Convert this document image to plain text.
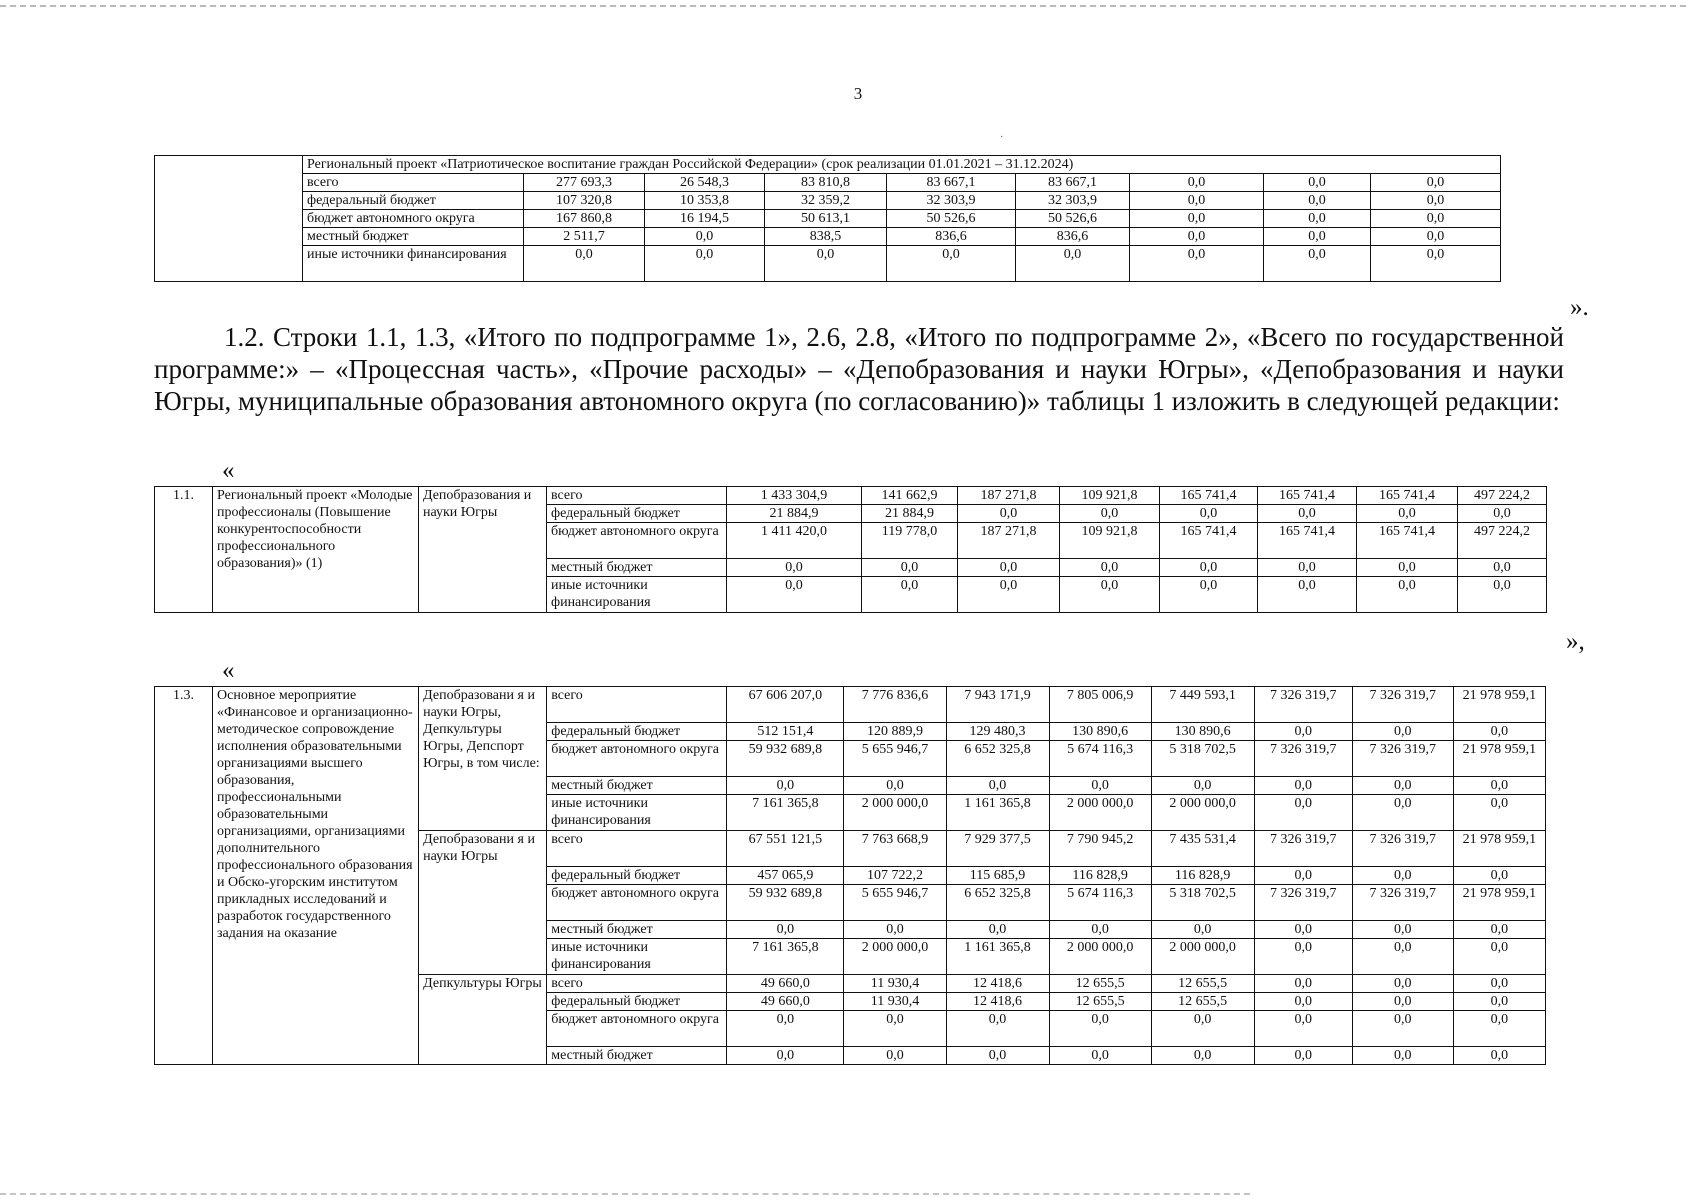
3
·
	Региональный проект «Патриотическое воспитание граждан Российской Федерации» (срок реализации 01.01.2021 – 31.12.2024)								
	всего	277 693,3	26 548,3	83 810,8	83 667,1	83 667,1	0,0	0,0	0,0
	федеральный бюджет	107 320,8	10 353,8	32 359,2	32 303,9	32 303,9	0,0	0,0	0,0
	бюджет автономного округа	167 860,8	16 194,5	50 613,1	50 526,6	50 526,6	0,0	0,0	0,0
	местный бюджет	2 511,7	0,0	838,5	836,6	836,6	0,0	0,0	0,0
	иные источники финансирования	0,0	0,0	0,0	0,0	0,0	0,0	0,0	0,0
».
1.2. Строки 1.1, 1.3, «Итого по подпрограмме 1», 2.6, 2.8, «Итого по подпрограмме 2», «Всего по государственной программе:» – «Процессная часть», «Прочие расходы» – «Депобразования и науки Югры», «Депобразования и науки Югры, муниципальные образования автономного округа (по согласованию)» таблицы 1 изложить в следующей редакции:
«
1.1.	Региональный проект «Молодые профессионалы (Повышение конкурентоспособности профессионального образования)» (1)	Депобразования и науки Югры	всего	1 433 304,9	141 662,9	187 271,8	109 921,8	165 741,4	165 741,4	165 741,4	497 224,2
			федеральный бюджет	21 884,9	21 884,9	0,0	0,0	0,0	0,0	0,0	0,0
			бюджет автономного округа	1 411 420,0	119 778,0	187 271,8	109 921,8	165 741,4	165 741,4	165 741,4	497 224,2
			местный бюджет	0,0	0,0	0,0	0,0	0,0	0,0	0,0	0,0
			иные источники финансирования	0,0	0,0	0,0	0,0	0,0	0,0	0,0	0,0
»,
«
1.3.	Основное мероприятие «Финансовое и организационно-методическое сопровождение исполнения образовательными организациями высшего образования, профессиональными образовательными организациями, организациями дополнительного профессионального образования и Обско-угорским институтом прикладных исследований и разработок государственного задания на оказание	Депобразовани я и науки Югры, Депкультуры Югры, Депспорт Югры, в том числе:	всего	67 606 207,0	7 776 836,6	7 943 171,9	7 805 006,9	7 449 593,1	7 326 319,7	7 326 319,7	21 978 959,1
			федеральный бюджет	512 151,4	120 889,9	129 480,3	130 890,6	130 890,6	0,0	0,0	0,0
			бюджет автономного округа	59 932 689,8	5 655 946,7	6 652 325,8	5 674 116,3	5 318 702,5	7 326 319,7	7 326 319,7	21 978 959,1
			местный бюджет	0,0	0,0	0,0	0,0	0,0	0,0	0,0	0,0
			иные источники финансирования	7 161 365,8	2 000 000,0	1 161 365,8	2 000 000,0	2 000 000,0	0,0	0,0	0,0
		Депобразовани я и науки Югры	всего	67 551 121,5	7 763 668,9	7 929 377,5	7 790 945,2	7 435 531,4	7 326 319,7	7 326 319,7	21 978 959,1
			федеральный бюджет	457 065,9	107 722,2	115 685,9	116 828,9	116 828,9	0,0	0,0	0,0
			бюджет автономного округа	59 932 689,8	5 655 946,7	6 652 325,8	5 674 116,3	5 318 702,5	7 326 319,7	7 326 319,7	21 978 959,1
			местный бюджет	0,0	0,0	0,0	0,0	0,0	0,0	0,0	0,0
			иные источники финансирования	7 161 365,8	2 000 000,0	1 161 365,8	2 000 000,0	2 000 000,0	0,0	0,0	0,0
		Депкультуры Югры	всего	49 660,0	11 930,4	12 418,6	12 655,5	12 655,5	0,0	0,0	0,0
			федеральный бюджет	49 660,0	11 930,4	12 418,6	12 655,5	12 655,5	0,0	0,0	0,0
			бюджет автономного округа	0,0	0,0	0,0	0,0	0,0	0,0	0,0	0,0
			местный бюджет	0,0	0,0	0,0	0,0	0,0	0,0	0,0	0,0
